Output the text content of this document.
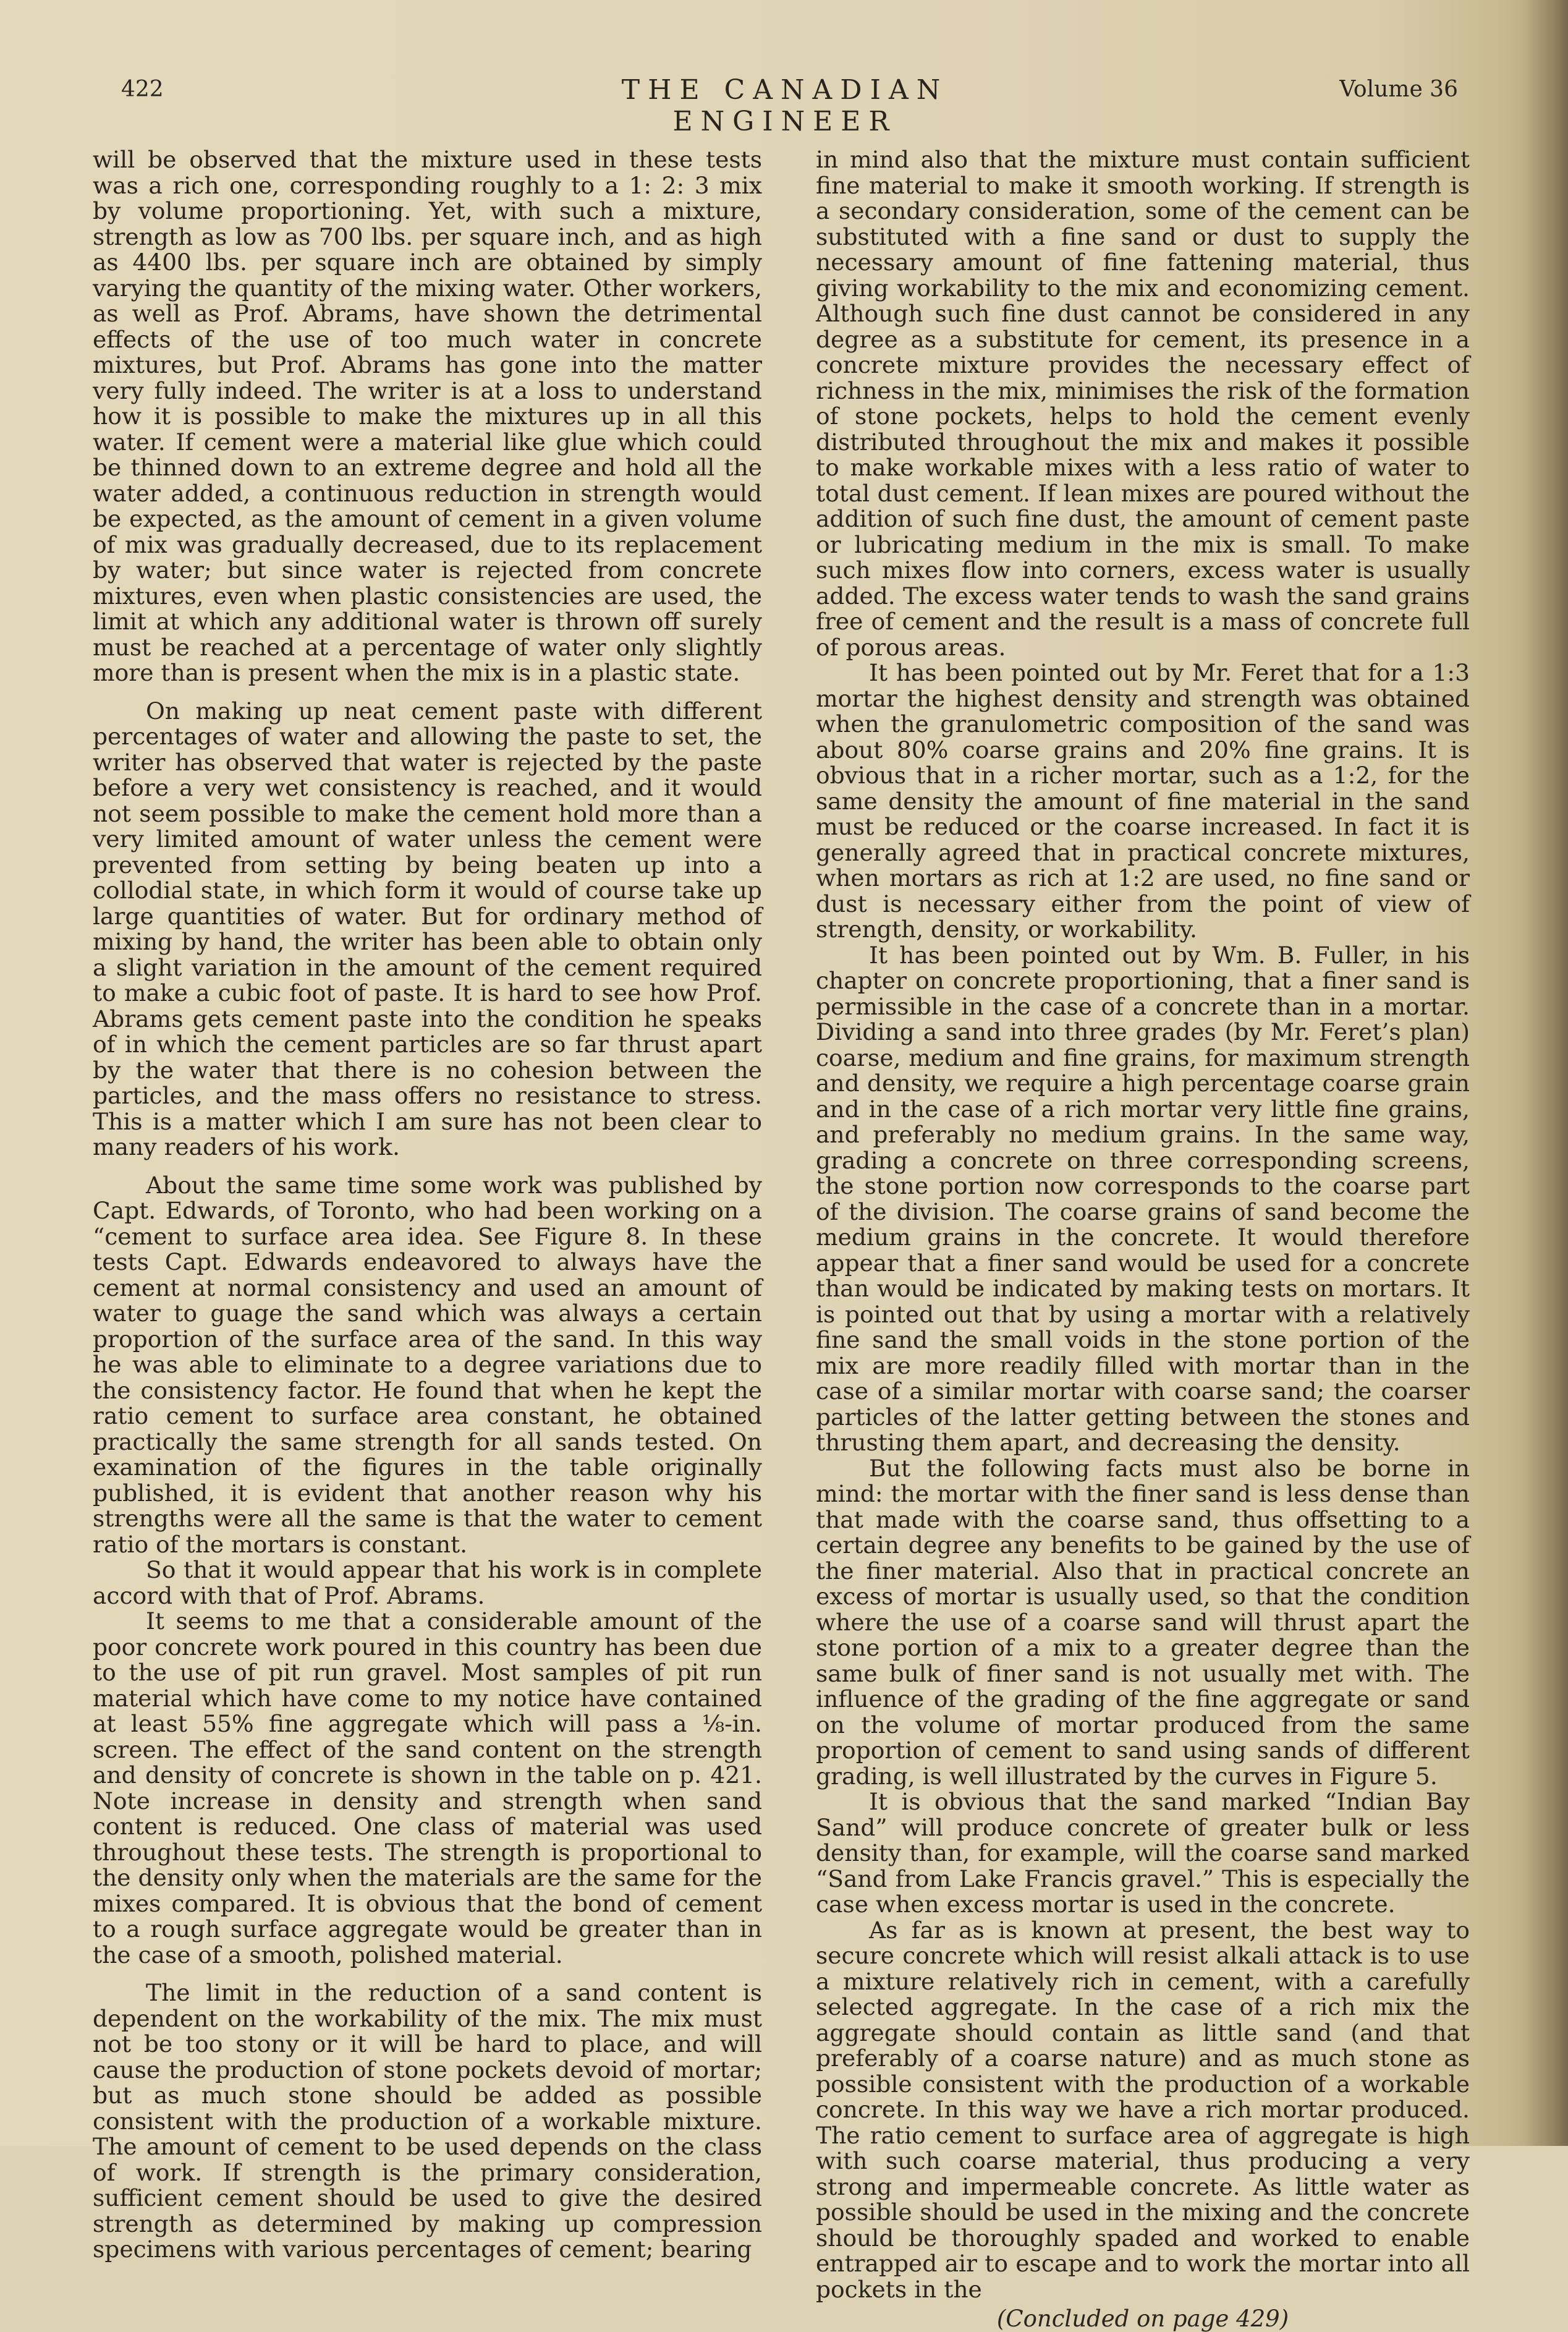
422	THE CANADIAN ENGINEER
Volume 36

will be observed that the mixture used in these tests was a rich one, corresponding roughly to a 1: 2: 3 mix by volume proportioning. Yet, with such a mixture, strength as low as 700 lbs. per square inch, and as high as 4400 lbs. per square inch are obtained by simply varying the quantity of the mixing water. Other workers, as well as Prof. Abrams, have shown the detrimental effects of the use of too much water in concrete mixtures, but Prof. Abrams has gone into the matter very fully indeed. The writer is at a loss to understand how it is possible to make the mixtures up in all this water. If cement were a material like glue which could be thinned down to an extreme degree and hold all the water added, a continuous reduction in strength would be expected, as the amount of cement in a given volume of mix was gradually decreased, due to its replacement by water; but since water is rejected from concrete mixtures, even when plastic consistencies are used, the limit at which any additional water is thrown off surely must be reached at a percentage of water only slightly more than is present when the mix is in a plastic state.

On making up neat cement paste with different percentages of water and allowing the paste to set, the writer has observed that water is rejected by the paste before a very wet consistency is reached, and it would not seem possible to make the cement hold more than a very limited amount of water unless the cement were prevented from setting by being beaten up into a collodial state, in which form it would of course take up large quantities of water. But for ordinary method of mixing by hand, the writer has been able to obtain only a slight variation in the amount of the cement required to make a cubic foot of paste. It is hard to see how Prof. Abrams gets cement paste into the condition he speaks of in which the cement particles are so far thrust apart by the water that there is no cohesion between the particles, and the mass offers no resistance to stress. This is a matter which I am sure has not been clear to many readers of his work.

About the same time some work was published by Capt. Edwards, of Toronto, who had been working on a “cement to surface area idea. See Figure 8. In these tests Capt. Edwards endeavored to always have the cement at normal consistency and used an amount of water to guage the sand which was always a certain proportion of the surface area of the sand. In this way he was able to eliminate to a degree variations due to the consistency factor. He found that when he kept the ratio cement to surface area constant, he obtained practically the same strength for all sands tested. On examination of the figures in the table originally published, it is evident that another reason why his strengths were all the same is that the water to cement ratio of the mortars is constant.

So that it would appear that his work is in complete accord with that of Prof. Abrams.

It seems to me that a considerable amount of the poor concrete work poured in this country has been due to the use of pit run gravel. Most samples of pit run material which have come to my notice have contained at least 55% fine aggregate which will pass a ⅛-in. screen. The effect of the sand content on the strength and density of concrete is shown in the table on p. 421. Note increase in density and strength when sand content is reduced. One class of material was used throughout these tests. The strength is proportional to the density only when the materials are the same for the mixes compared. It is obvious that the bond of cement to a rough surface aggregate would be greater than in the case of a smooth, polished material.

The limit in the reduction of a sand content is dependent on the workability of the mix. The mix must not be too stony or it will be hard to place, and will cause the production of stone pockets devoid of mortar; but as much stone should be added as possible consistent with the production of a workable mixture. The amount of cement to be used depends on the class of work. If strength is the primary consideration, sufficient cement should be used to give the desired strength as determined by making up compression specimens with various percentages of cement; bearing

in mind also that the mixture must contain sufficient fine material to make it smooth working. If strength is a secondary consideration, some of the cement can be substituted with a fine sand or dust to supply the necessary amount of fine fattening material, thus giving workability to the mix and economizing cement. Although such fine dust cannot be considered in any degree as a substitute for cement, its presence in a concrete mixture provides the necessary effect of richness in the mix, minimises the risk of the formation of stone pockets, helps to hold the cement evenly distributed throughout the mix and makes it possible to make workable mixes with a less ratio of water to total dust cement. If lean mixes are poured without the addition of such fine dust, the amount of cement paste or lubricating medium in the mix is small. To make such mixes flow into corners, excess water is usually added. The excess water tends to wash the sand grains free of cement and the result is a mass of concrete full of porous areas.

It has been pointed out by Mr. Feret that for a 1:3 mortar the highest density and strength was obtained when the granulometric composition of the sand was about 80% coarse grains and 20% fine grains. It is obvious that in a richer mortar, such as a 1:2, for the same density the amount of fine material in the sand must be reduced or the coarse increased. In fact it is generally agreed that in practical concrete mixtures, when mortars as rich at 1:2 are used, no fine sand or dust is necessary either from the point of view of strength, density, or workability.

It has been pointed out by Wm. B. Fuller, in his chapter on concrete proportioning, that a finer sand is permissible in the case of a concrete than in a mortar. Dividing a sand into three grades (by Mr. Feret’s plan) coarse, medium and fine grains, for maximum strength and density, we require a high percentage coarse grain and in the case of a rich mortar very little fine grains, and preferably no medium grains. In the same way, grading a concrete on three corresponding screens, the stone portion now corresponds to the coarse part of the division. The coarse grains of sand become the medium grains in the concrete. It would therefore appear that a finer sand would be used for a concrete than would be indicated by making tests on mortars. It is pointed out that by using a mortar with a relatively fine sand the small voids in the stone portion of the mix are more readily filled with mortar than in the case of a similar mortar with coarse sand; the coarser particles of the latter getting between the stones and thrusting them apart, and decreasing the density.

But the following facts must also be borne in mind: the mortar with the finer sand is less dense than that made with the coarse sand, thus offsetting to a certain degree any benefits to be gained by the use of the finer material. Also that in practical concrete an excess of mortar is usually used, so that the condition where the use of a coarse sand will thrust apart the stone portion of a mix to a greater degree than the same bulk of finer sand is not usually met with. The influence of the grading of the fine aggregate or sand on the volume of mortar produced from the same proportion of cement to sand using sands of different grading, is well illustrated by the curves in Figure 5.

It is obvious that the sand marked “Indian Bay Sand” will produce concrete of greater bulk or less density than, for example, will the coarse sand marked “Sand from Lake Francis gravel.” This is especially the case when excess mortar is used in the concrete.

As far as is known at present, the best way to secure concrete which will resist alkali attack is to use a mixture relatively rich in cement, with a carefully selected aggregate. In the case of a rich mix the aggregate should contain as little sand (and that preferably of a coarse nature) and as much stone as possible consistent with the production of a workable concrete. In this way we have a rich mortar produced. The ratio cement to surface area of aggregate is high with such coarse material, thus producing a very strong and impermeable concrete. As little water as possible should be used in the mixing and the concrete should be thoroughly spaded and worked to enable entrapped air to escape and to work the mortar into all pockets in the

(Concluded on page 429)
